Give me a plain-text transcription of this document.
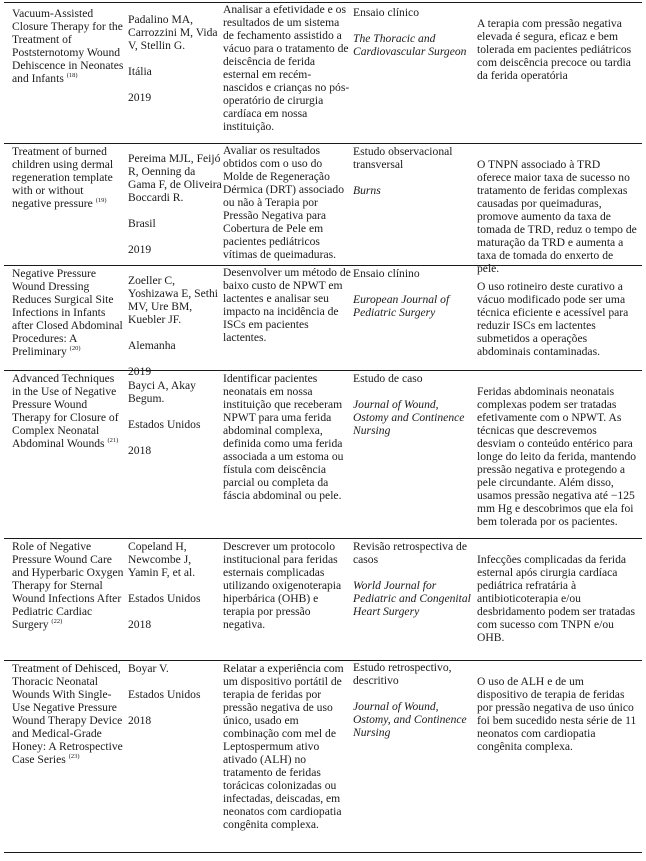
Vacuum-Assisted Closure Therapy for the Treatment of Poststernotomy Wound Dehiscence in Neonates and Infants $^{(18)}$
Padalino MA, Carrozzini M, Vida V, Stellin G.
Itália
2019
Analisar a efetividade e os resultados de um sistema de fechamento assistido a vácuo para o tratamento de deiscência de ferida esternal em recém-nascidos e crianças no pós-operatório de cirurgia cardíaca em nossa instituição.
Ensaio clínico
The Thoracic and Cardiovascular Surgeon
A terapia com pressão negativa elevada é segura, eficaz e bem tolerada em pacientes pediátricos com deiscência precoce ou tardia da ferida operatória
Treatment of burned children using dermal regeneration template with or without negative pressure $^{(19)}$
Pereima MJL, Feijó R, Oenning da Gama F, de Oliveira Boccardi R.
Brasil
2019
Avaliar os resultados obtidos com o uso do Molde de Regeneração Dérmica (DRT) associado ou não à Terapia por Pressão Negativa para Cobertura de Pele em pacientes pediátricos vítimas de queimaduras.
Estudo observacional transversal
Burns
O TNPN associado à TRD oferece maior taxa de sucesso no tratamento de feridas complexas causadas por queimaduras, promove aumento da taxa de tomada de TRD, reduz o tempo de maturação da TRD e aumenta a taxa de tomada do enxerto de pele.
Negative Pressure Wound Dressing Reduces Surgical Site Infections in Infants after Closed Abdominal Procedures: A Preliminary $^{(20)}$
Zoeller C, Yoshizawa E, Sethi MV, Ure BM, Kuebler JF.
Alemanha
2019
Desenvolver um método de baixo custo de NPWT em lactentes e analisar seu impacto na incidência de ISCs em pacientes lactentes.
Ensaio clínino
European Journal of Pediatric Surgery
O uso rotineiro deste curativo a vácuo modificado pode ser uma técnica eficiente e acessível para reduzir ISCs em lactentes submetidos a operações abdominais contaminadas.
Advanced Techniques in the Use of Negative Pressure Wound Therapy for Closure of Complex Neonatal Abdominal Wounds $^{(21)}$
Bayci A, Akay Begum.
Estados Unidos
2018
Identificar pacientes neonatais em nossa instituição que receberam NPWT para uma ferida abdominal complexa, definida como uma ferida associada a um estoma ou fístula com deiscência parcial ou completa da fáscia abdominal ou pele.
Estudo de caso
Journal of Wound, Ostomy and Continence Nursing
Feridas abdominais neonatais complexas podem ser tratadas efetivamente com o NPWT. As técnicas que descrevemos desviam o conteúdo entérico para longe do leito da ferida, mantendo pressão negativa e protegendo a pele circundante. Além disso, usamos pressão negativa até −125 mm Hg e descobrimos que ela foi bem tolerada por os pacientes.
Role of Negative Pressure Wound Care and Hyperbaric Oxygen Therapy for Sternal Wound Infections After Pediatric Cardiac Surgery $^{(22)}$
Copeland H, Newcombe J, Yamin F, et al.
Estados Unidos
2018
Descrever um protocolo institucional para feridas esternais complicadas utilizando oxigenoterapia hiperbárica (OHB) e terapia por pressão negativa.
Revisão retrospectiva de casos
World Journal for Pediatric and Congenital Heart Surgery
Infecções complicadas da ferida esternal após cirurgia cardíaca pediátrica refratária à antibioticoterapia e/ou desbridamento podem ser tratadas com sucesso com TNPN e/ou OHB.
Treatment of Dehisced, Thoracic Neonatal Wounds With Single-Use Negative Pressure Wound Therapy Device and Medical-Grade Honey: A Retrospective Case Series $^{(23)}$
Boyar V.
Estados Unidos
2018
Relatar a experiência com um dispositivo portátil de terapia de feridas por pressão negativa de uso único, usado em combinação com mel de Leptospermum ativo ativado (ALH) no tratamento de feridas torácicas colonizadas ou infectadas, deiscadas, em neonatos com cardiopatia congênita complexa.
Estudo retrospectivo, descritivo
Journal of Wound, Ostomy, and Continence Nursing
O uso de ALH e de um dispositivo de terapia de feridas por pressão negativa de uso único foi bem sucedido nesta série de 11 neonatos com cardiopatia congênita complexa.
